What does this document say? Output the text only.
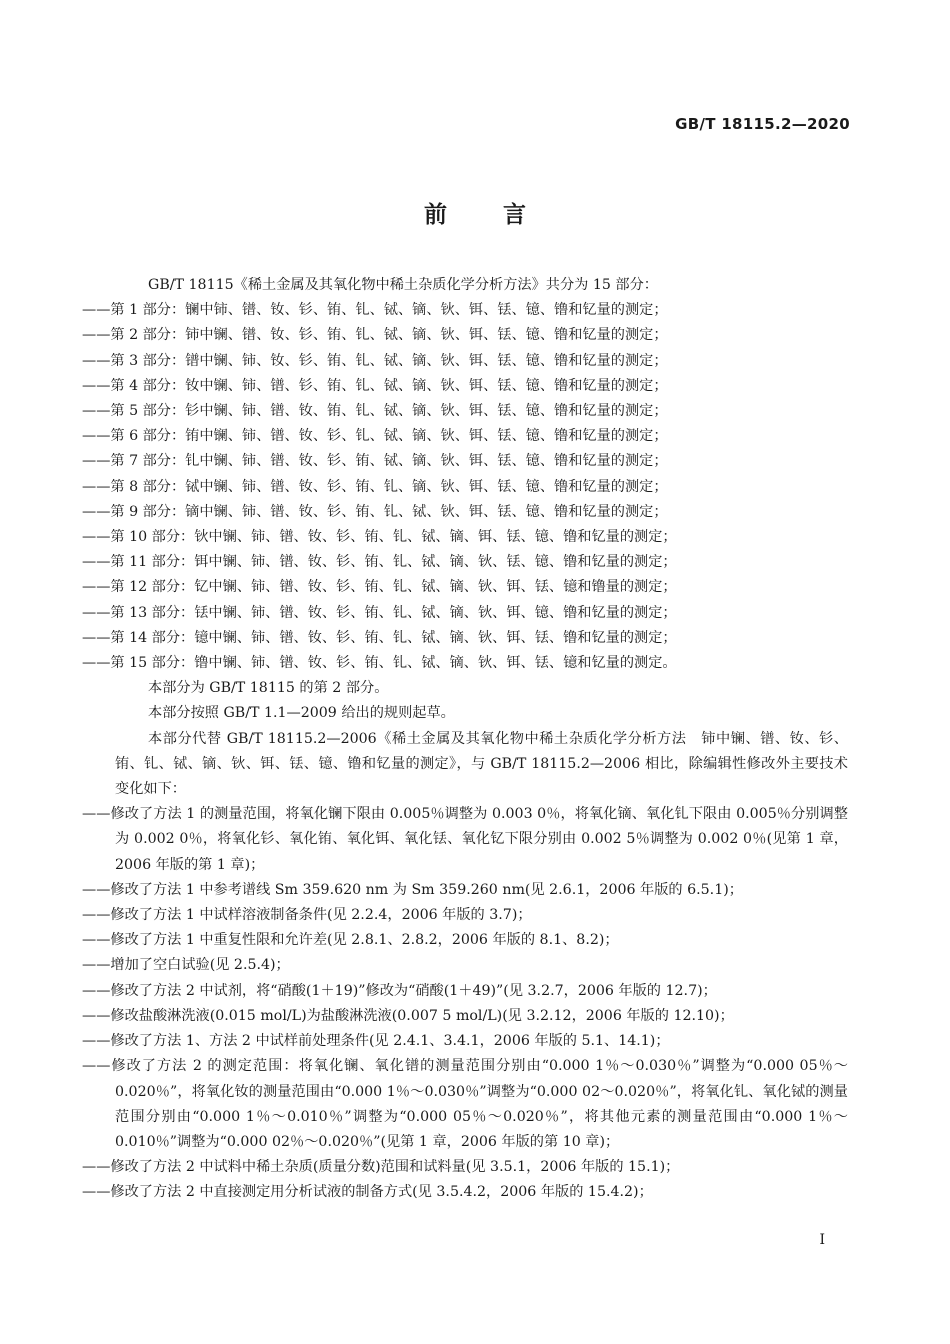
GB/T 18115.2—2020
前言

GB/T 18115《稀土金属及其氧化物中稀土杂质化学分析方法》共分为 15 部分：

——第 1 部分：镧中铈、镨、钕、钐、铕、钆、铽、镝、钬、铒、铥、镱、镥和钇量的测定；

——第 2 部分：铈中镧、镨、钕、钐、铕、钆、铽、镝、钬、铒、铥、镱、镥和钇量的测定；

——第 3 部分：镨中镧、铈、钕、钐、铕、钆、铽、镝、钬、铒、铥、镱、镥和钇量的测定；

——第 4 部分：钕中镧、铈、镨、钐、铕、钆、铽、镝、钬、铒、铥、镱、镥和钇量的测定；

——第 5 部分：钐中镧、铈、镨、钕、铕、钆、铽、镝、钬、铒、铥、镱、镥和钇量的测定；

——第 6 部分：铕中镧、铈、镨、钕、钐、钆、铽、镝、钬、铒、铥、镱、镥和钇量的测定；

——第 7 部分：钆中镧、铈、镨、钕、钐、铕、铽、镝、钬、铒、铥、镱、镥和钇量的测定；

——第 8 部分：铽中镧、铈、镨、钕、钐、铕、钆、镝、钬、铒、铥、镱、镥和钇量的测定；

——第 9 部分：镝中镧、铈、镨、钕、钐、铕、钆、铽、钬、铒、铥、镱、镥和钇量的测定；

——第 10 部分：钬中镧、铈、镨、钕、钐、铕、钆、铽、镝、铒、铥、镱、镥和钇量的测定；

——第 11 部分：铒中镧、铈、镨、钕、钐、铕、钆、铽、镝、钬、铥、镱、镥和钇量的测定；

——第 12 部分：钇中镧、铈、镨、钕、钐、铕、钆、铽、镝、钬、铒、铥、镱和镥量的测定；

——第 13 部分：铥中镧、铈、镨、钕、钐、铕、钆、铽、镝、钬、铒、镱、镥和钇量的测定；

——第 14 部分：镱中镧、铈、镨、钕、钐、铕、钆、铽、镝、钬、铒、铥、镥和钇量的测定；

——第 15 部分：镥中镧、铈、镨、钕、钐、铕、钆、铽、镝、钬、铒、铥、镱和钇量的测定。

本部分为 GB/T 18115 的第 2 部分。

本部分按照 GB/T 1.1—2009 给出的规则起草。

本部分代替 GB/T 18115.2—2006《稀土金属及其氧化物中稀土杂质化学分析方法　铈中镧、镨、钕、钐、铕、钆、铽、镝、钬、铒、铥、镱、镥和钇量的测定》，与 GB/T 18115.2—2006 相比，除编辑性修改外主要技术变化如下：

——修改了方法 1 的测量范围，将氧化镧下限由 0.005％调整为 0.003 0％，将氧化镝、氧化钆下限由 0.005％分别调整为 0.002 0％，将氧化钐、氧化铕、氧化铒、氧化铥、氧化钇下限分别由 0.002 5％调整为 0.002 0％(见第 1 章，2006 年版的第 1 章)；

——修改了方法 1 中参考谱线 Sm 359.620 nm 为 Sm 359.260 nm(见 2.6.1，2006 年版的 6.5.1)；

——修改了方法 1 中试样溶液制备条件(见 2.2.4，2006 年版的 3.7)；

——修改了方法 1 中重复性限和允许差(见 2.8.1、2.8.2，2006 年版的 8.1、8.2)；

——增加了空白试验(见 2.5.4)；

——修改了方法 2 中试剂，将“硝酸(1＋19)”修改为“硝酸(1＋49)”(见 3.2.7，2006 年版的 12.7)；

——修改盐酸淋洗液(0.015 mol/L)为盐酸淋洗液(0.007 5 mol/L)(见 3.2.12，2006 年版的 12.10)；

——修改了方法 1、方法 2 中试样前处理条件(见 2.4.1、3.4.1，2006 年版的 5.1、14.1)；

——修改了方法 2 的测定范围：将氧化镧、氧化镨的测量范围分别由“0.000 1％～0.030％”调整为“0.000 05％～0.020％”，将氧化钕的测量范围由“0.000 1％～0.030％”调整为“0.000 02～0.020％”，将氧化钆、氧化铽的测量范围分别由“0.000 1％～0.010％”调整为“0.000 05％～0.020％”，将其他元素的测量范围由“0.000 1％～0.010％”调整为“0.000 02％～0.020％”(见第 1 章，2006 年版的第 10 章)；

——修改了方法 2 中试料中稀土杂质(质量分数)范围和试料量(见 3.5.1，2006 年版的 15.1)；

——修改了方法 2 中直接测定用分析试液的制备方式(见 3.5.4.2，2006 年版的 15.4.2)；

Ⅰ
